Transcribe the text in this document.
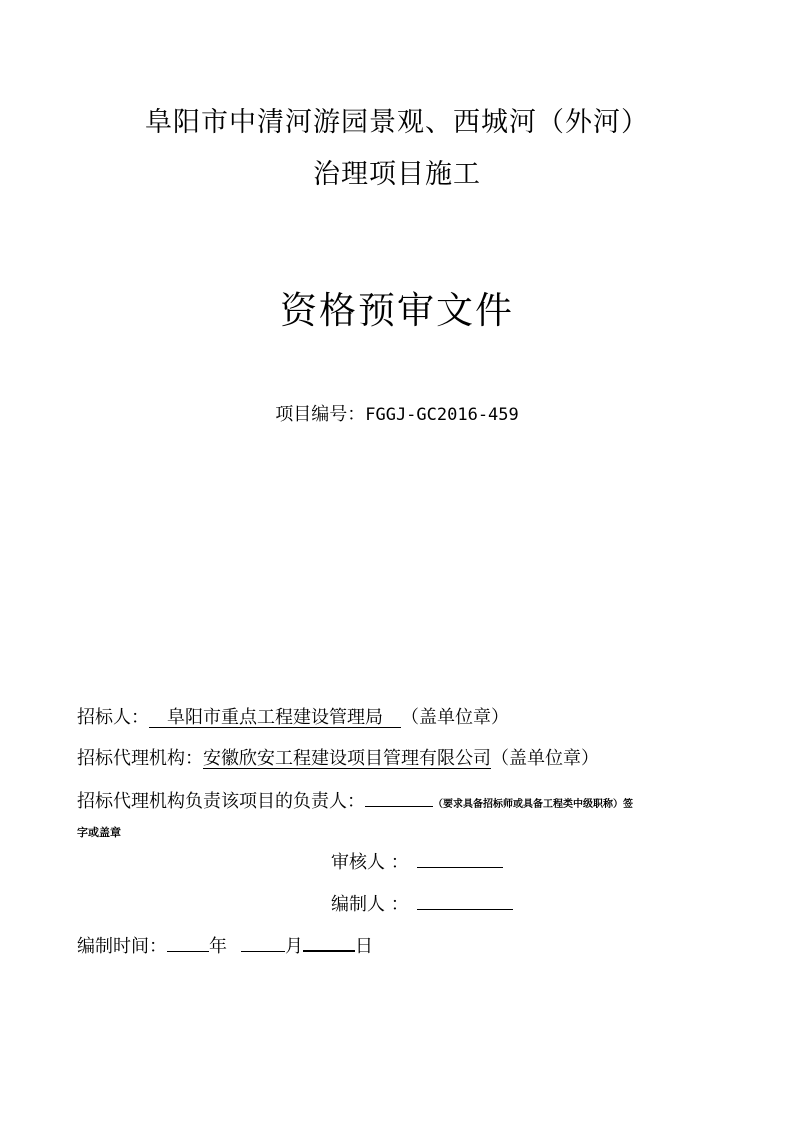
阜阳市中清河游园景观、西城河（外河）
治理项目施工
资格预审文件
项目编号：FGGJ-GC2016-459
招标人：  阜阳市重点工程建设管理局  （盖单位章）
招标代理机构：安徽欣安工程建设项目管理有限公司（盖单位章）
招标代理机构负责该项目的负责人：	（要求具备招标师或具备工程类中级职称）签
字或盖章
审核人 ：
编制人 ：
编制时间： 年	月	日
